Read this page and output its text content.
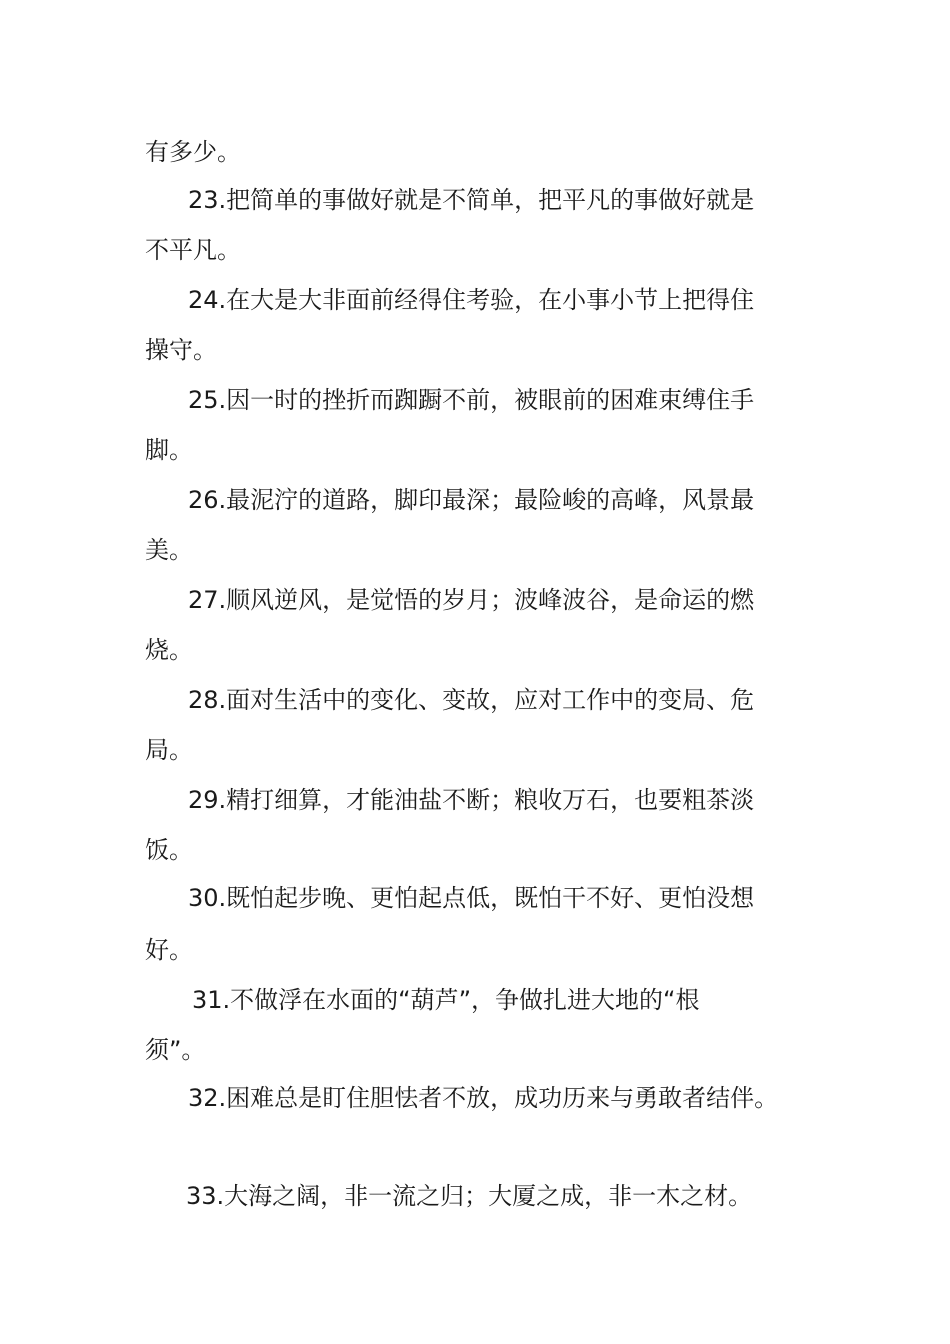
有多少。
23.把简单的事做好就是不简单，把平凡的事做好就是
不平凡。
24.在大是大非面前经得住考验，在小事小节上把得住
操守。
25.因一时的挫折而踟蹰不前，被眼前的困难束缚住手
脚。
26.最泥泞的道路，脚印最深；最险峻的高峰，风景最
美。
27.顺风逆风，是觉悟的岁月；波峰波谷，是命运的燃
烧。
28.面对生活中的变化、变故，应对工作中的变局、危
局。
29.精打细算，才能油盐不断；粮收万石，也要粗茶淡
饭。
30.既怕起步晚、更怕起点低，既怕干不好、更怕没想
好。
31.不做浮在水面的“葫芦”，争做扎进大地的“根
须”。
32.困难总是盯住胆怯者不放，成功历来与勇敢者结伴。
33.大海之阔，非一流之归；大厦之成，非一木之材。
